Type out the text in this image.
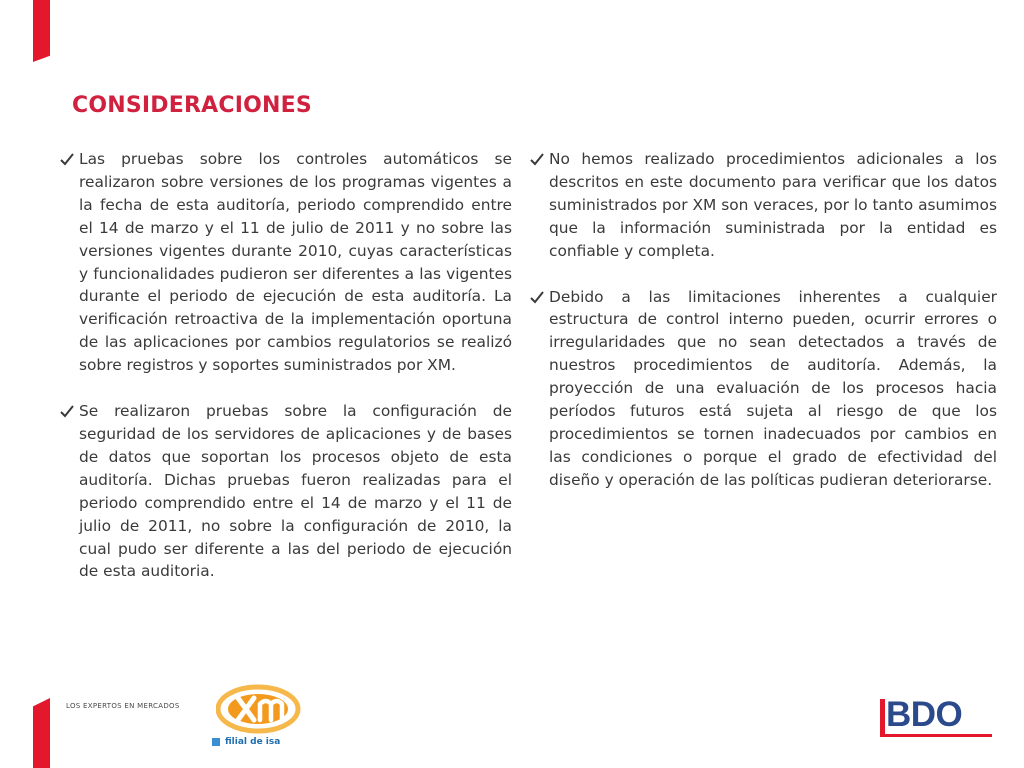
CONSIDERACIONES

Las pruebas sobre los controles automáticos se realizaron sobre versiones de los programas vigentes a la fecha de esta auditoría, periodo comprendido entre el 14 de marzo y el 11 de julio de 2011 y no sobre las versiones vigentes durante 2010, cuyas características y funcionalidades pudieron ser diferentes a las vigentes durante el periodo de ejecución de esta auditoría. La verificación retroactiva de la implementación oportuna de las aplicaciones por cambios regulatorios se realizó sobre registros y soportes suministrados por XM.

Se realizaron pruebas sobre la configuración de seguridad de los servidores de aplicaciones y de bases de datos que soportan los procesos objeto de esta auditoría. Dichas pruebas fueron realizadas para el periodo comprendido entre el 14 de marzo y el 11 de julio de 2011, no sobre la configuración de 2010, la cual pudo ser diferente a las del periodo de ejecución de esta auditoria.

No hemos realizado procedimientos adicionales a los descritos en este documento para verificar que los datos suministrados por XM son veraces, por lo tanto asumimos que la información suministrada por la entidad es confiable y completa.

Debido a las limitaciones inherentes a cualquier estructura de control interno pueden, ocurrir errores o irregularidades que no sean detectados a través de nuestros procedimientos de auditoría. Además, la proyección de una evaluación de los procesos hacia períodos futuros está sujeta al riesgo de que los procedimientos se tornen inadecuados por cambios en las condiciones o porque el grado de efectividad del diseño y operación de las políticas pudieran deteriorarse.

LOS EXPERTOS EN MERCADOS
filial de isa
BDO
